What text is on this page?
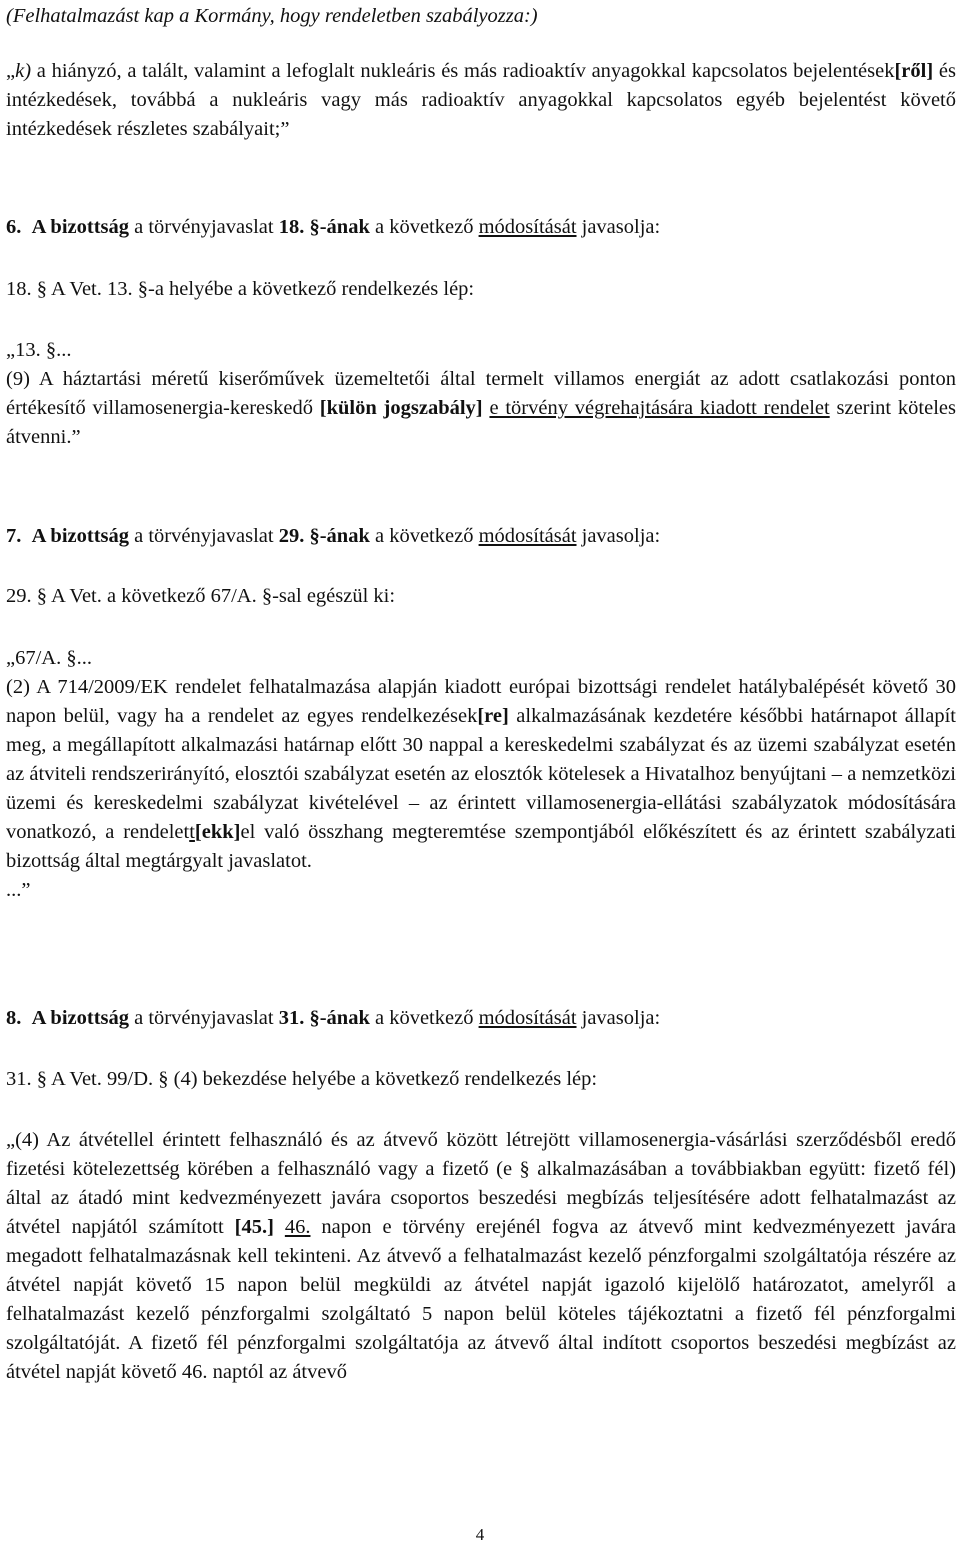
(Felhatalmazást kap a Kormány, hogy rendeletben szabályozza:)

„k) a hiányzó, a talált, valamint a lefoglalt nukleáris és más radioaktív anyagokkal kapcsolatos bejelentések[ről] és intézkedések, továbbá a nukleáris vagy más radioaktív anyagokkal kapcsolatos egyéb bejelentést követő intézkedések részletes szabályait;”

6. A bizottság a törvényjavaslat 18. §-ának a következő módosítását javasolja:

18. § A Vet. 13. §-a helyébe a következő rendelkezés lép:

„13. §...

(9) A háztartási méretű kiserőművek üzemeltetői által termelt villamos energiát az adott csatlakozási ponton értékesítő villamosenergia-kereskedő [külön jogszabály] e törvény végrehajtására kiadott rendelet szerint köteles átvenni.”

7. A bizottság a törvényjavaslat 29. §-ának a következő módosítását javasolja:

29. § A Vet. a következő 67/A. §-sal egészül ki:

„67/A. §...

(2) A 714/2009/EK rendelet felhatalmazása alapján kiadott európai bizottsági rendelet hatálybalépését követő 30 napon belül, vagy ha a rendelet az egyes rendelkezések[re] alkalmazásának kezdetére későbbi határnapot állapít meg, a megállapított alkalmazási határnap előtt 30 nappal a kereskedelmi szabályzat és az üzemi szabályzat esetén az átviteli rendszerirányító, elosztói szabályzat esetén az elosztók kötelesek a Hivatalhoz benyújtani – a nemzetközi üzemi és kereskedelmi szabályzat kivételével – az érintett villamosenergia-ellátási szabályzatok módosítására vonatkozó, a rendelett[ekk]el való összhang megteremtése szempontjából előkészített és az érintett szabályzati bizottság által megtárgyalt javaslatot.

...”

8. A bizottság a törvényjavaslat 31. §-ának a következő módosítását javasolja:

31. § A Vet. 99/D. § (4) bekezdése helyébe a következő rendelkezés lép:

„(4) Az átvétellel érintett felhasználó és az átvevő között létrejött villamosenergia-vásárlási szerződésből eredő fizetési kötelezettség körében a felhasználó vagy a fizető (e § alkalmazásában a továbbiakban együtt: fizető fél) által az átadó mint kedvezményezett javára csoportos beszedési megbízás teljesítésére adott felhatalmazást az átvétel napjától számított [45.] 46. napon e törvény erejénél fogva az átvevő mint kedvezményezett javára megadott felhatalmazásnak kell tekinteni. Az átvevő a felhatalmazást kezelő pénzforgalmi szolgáltatója részére az átvétel napját követő 15 napon belül megküldi az átvétel napját igazoló kijelölő határozatot, amelyről a felhatalmazást kezelő pénzforgalmi szolgáltató 5 napon belül köteles tájékoztatni a fizető fél pénzforgalmi szolgáltatóját. A fizető fél pénzforgalmi szolgáltatója az átvevő által indított csoportos beszedési megbízást az átvétel napját követő 46. naptól az átvevő

4
